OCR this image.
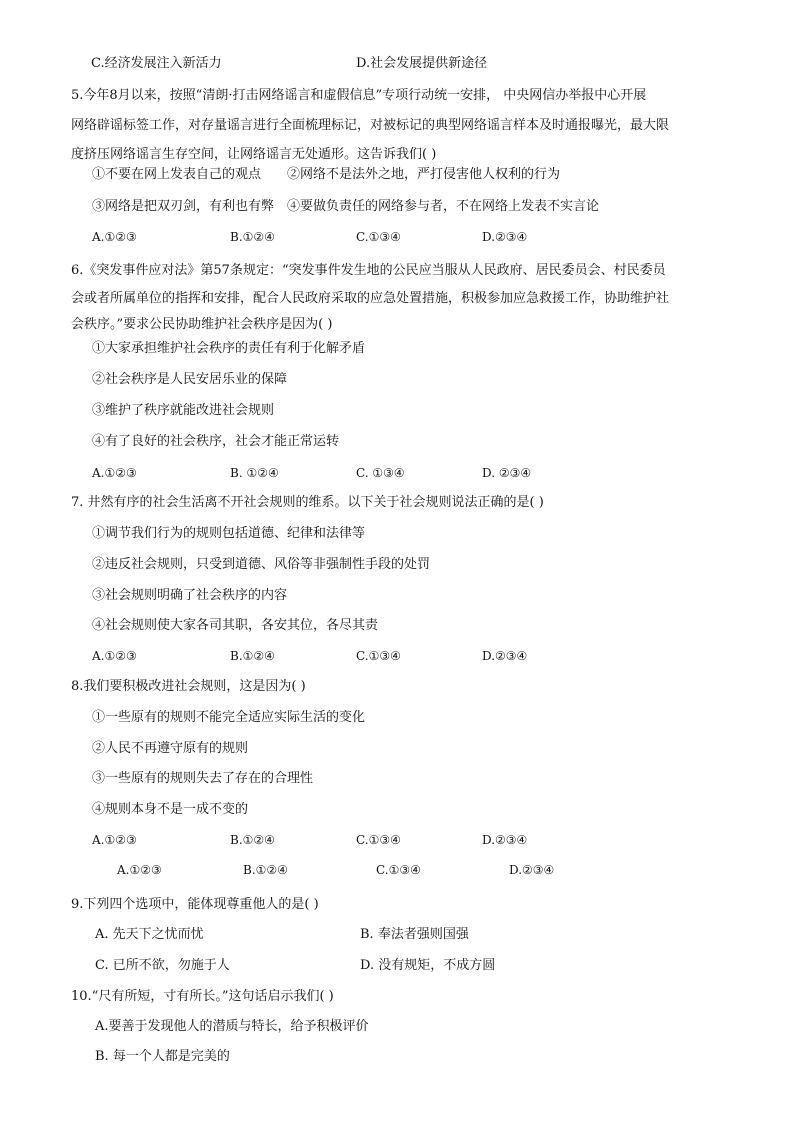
C.经济发展注入新活力	D.社会发展提供新途径
5.今年8月以来，按照“清朗·打击网络谣言和虚假信息”专项行动统一安排， 中央网信办举报中心开展
网络辟谣标签工作，对存量谣言进行全面梳理标记，对被标记的典型网络谣言样本及时通报曝光，最大限
度挤压网络谣言生存空间，让网络谣言无处遁形。这告诉我们( )
①不要在网上发表自己的观点　　②网络不是法外之地，严打侵害他人权利的行为
③网络是把双刃剑，有利也有弊　④要做负责任的网络参与者，不在网络上发表不实言论
A.①②③	B.①②④	C.①③④	D.②③④
6.《突发事件应对法》第57条规定：“突发事件发生地的公民应当服从人民政府、居民委员会、村民委员
会或者所属单位的指挥和安排，配合人民政府采取的应急处置措施，积极参加应急救援工作，协助维护社
会秩序。”要求公民协助维护社会秩序是因为( )
①大家承担维护社会秩序的责任有利于化解矛盾
②社会秩序是人民安居乐业的保障
③维护了秩序就能改进社会规则
④有了良好的社会秩序，社会才能正常运转
A.①②③	B. ①②④	C. ①③④	D. ②③④
7. 井然有序的社会生活离不开社会规则的维系。以下关于社会规则说法正确的是( )
①调节我们行为的规则包括道德、纪律和法律等
②违反社会规则，只受到道德、风俗等非强制性手段的处罚
③社会规则明确了社会秩序的内容
④社会规则使大家各司其职，各安其位，各尽其责
A.①②③	B.①②④	C.①③④	D.②③④
8.我们要积极改进社会规则，这是因为( )
①一些原有的规则不能完全适应实际生活的变化
②人民不再遵守原有的规则
③一些原有的规则失去了存在的合理性
④规则本身不是一成不变的
A.①②③	B.①②④	C.①③④	D.②③④
A.①②③	B.①②④	C.①③④	D.②③④
9.下列四个选项中，能体现尊重他人的是( )
A. 先天下之忧而忧	B. 奉法者强则国强
C. 已所不欲，勿施于人	D. 没有规矩，不成方圆
10.“尺有所短，寸有所长。”这句话启示我们( )
A.要善于发现他人的潜质与特长，给予积极评价
B. 每一个人都是完美的
